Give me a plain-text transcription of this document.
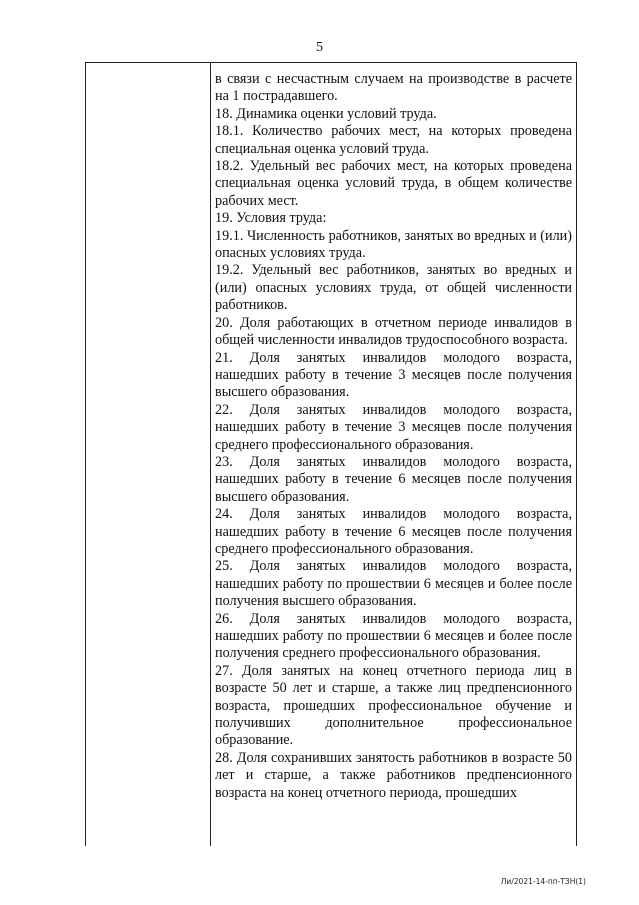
5

в связи с несчастным случаем на производстве в расчете на 1 пострадавшего.

18. Динамика оценки условий труда.

18.1. Количество рабочих мест, на которых проведена специальная оценка условий труда.

18.2. Удельный вес рабочих мест, на которых проведена специальная оценка условий труда, в общем количестве рабочих мест.

19. Условия труда:

19.1. Численность работников, занятых во вредных и (или) опасных условиях труда.

19.2. Удельный вес работников, занятых во вредных и (или) опасных условиях труда, от общей численности работников.

20. Доля работающих в отчетном периоде инвалидов в общей численности инвалидов трудоспособного возраста.

21. Доля занятых инвалидов молодого возраста, нашедших работу в течение 3 месяцев после получения высшего образования.

22. Доля занятых инвалидов молодого возраста, нашедших работу в течение 3 месяцев после получения среднего профессионального образования.

23. Доля занятых инвалидов молодого возраста, нашедших работу в течение 6 месяцев после получения высшего образования.

24. Доля занятых инвалидов молодого возраста, нашедших работу в течение 6 месяцев после получения среднего профессионального образования.

25. Доля занятых инвалидов молодого возраста, нашедших работу по прошествии 6 месяцев и более после получения высшего образования.

26. Доля занятых инвалидов молодого возраста, нашедших работу по прошествии 6 месяцев и более после получения среднего профессионального образования.

27. Доля занятых на конец отчетного периода лиц в возрасте 50 лет и старше, а также лиц предпенсионного возраста, прошедших профессиональное обучение и получивших дополнительное профессиональное образование.

28. Доля сохранивших занятость работников в возрасте 50 лет и старше, а также работников предпенсионного возраста на конец отчетного периода, прошедших

Ли/2021-14-пп-ТЗН(1)
